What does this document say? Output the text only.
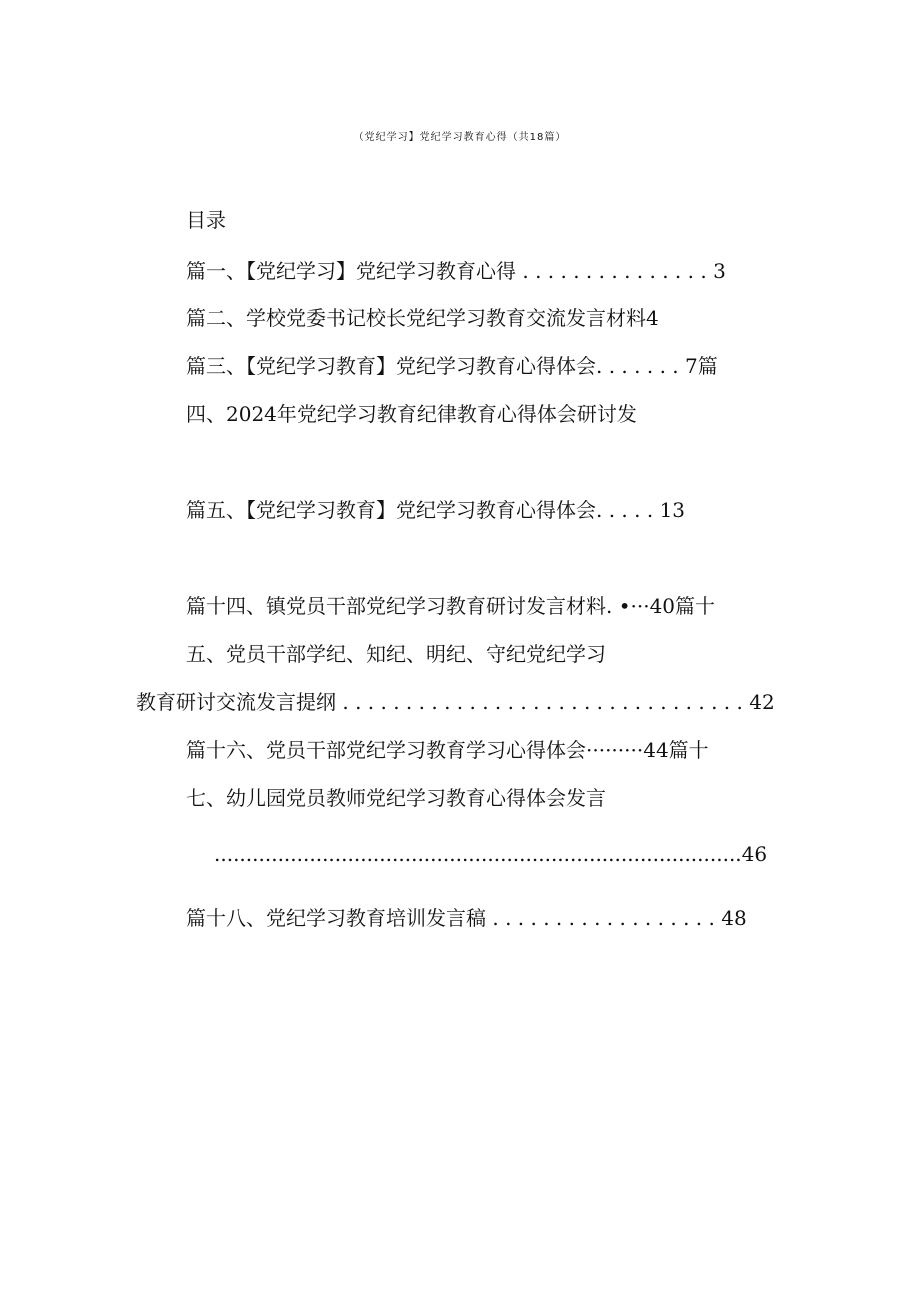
（党纪学习】党纪学习教育心得（共18篇）
目录
篇一、【党纪学习】党纪学习教育心得 . . . . . . . . . . . . . . . 3
篇二、学校党委书记校长党纪学习教育交流发言材料4
篇三、【党纪学习教育】党纪学习教育心得体会. . . . . . . 7篇
四、2024年党纪学习教育纪律教育心得体会研讨发
篇五、【党纪学习教育】党纪学习教育心得体会. . . . . 13
篇十四、镇党员干部党纪学习教育研讨发言材料. •···40篇十
五、党员干部学纪、知纪、明纪、守纪党纪学习
教育研讨交流发言提纲 . . . . . . . . . . . . . . . . . . . . . . . . . . . . . . . . 42
篇十六、党员干部党纪学习教育学习心得体会·········44篇十
七、幼儿园党员教师党纪学习教育心得体会发言
...................................................................................46
篇十八、党纪学习教育培训发言稿 . . . . . . . . . . . . . . . . . . 48
